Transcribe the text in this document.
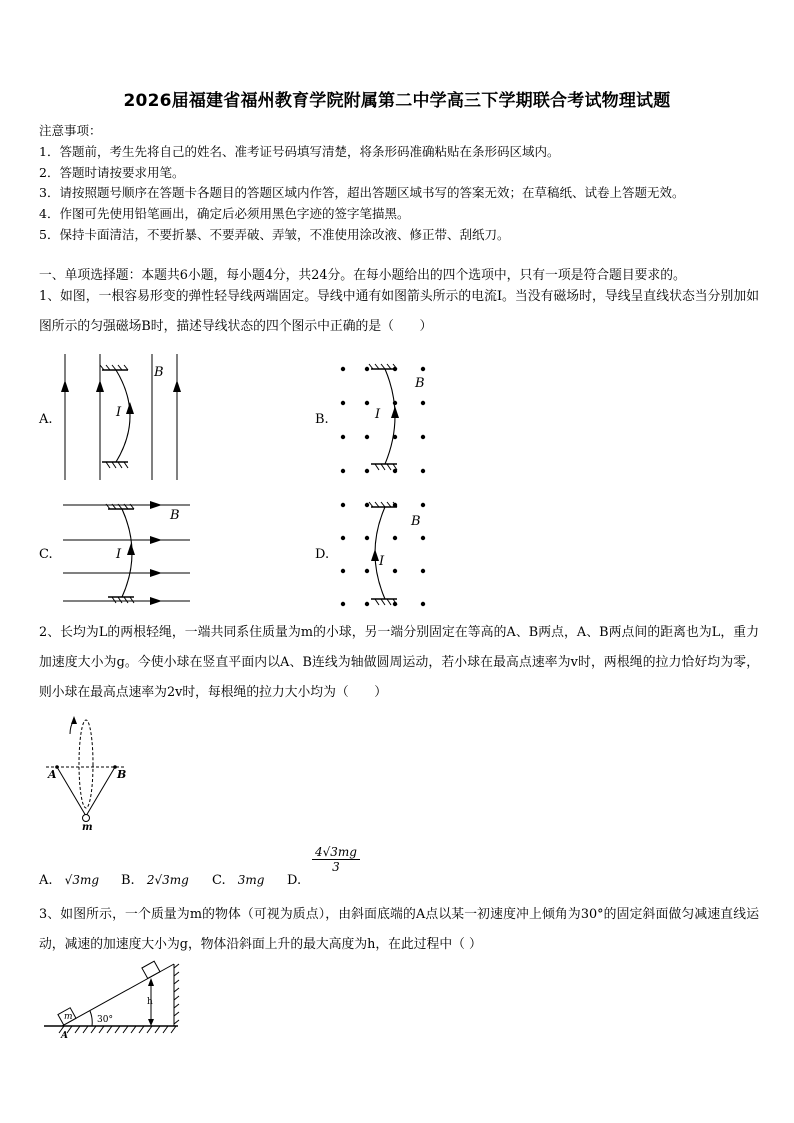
2026届福建省福州教育学院附属第二中学高三下学期联合考试物理试题
注意事项：
1．答题前，考生先将自己的姓名、准考证号码填写清楚，将条形码准确粘贴在条形码区域内。
2．答题时请按要求用笔。
3．请按照题号顺序在答题卡各题目的答题区域内作答，超出答题区域书写的答案无效；在草稿纸、试卷上答题无效。
4．作图可先使用铅笔画出，确定后必须用黑色字迹的签字笔描黑。
5．保持卡面清洁，不要折暴、不要弄破、弄皱，不准使用涂改液、修正带、刮纸刀。
一、单项选择题：本题共6小题，每小题4分，共24分。在每小题给出的四个选项中，只有一项是符合题目要求的。
1、如图，一根容易形变的弹性轻导线两端固定。导线中通有如图箭头所示的电流I。当没有磁场时，导线呈直线状态当分别加如图所示的匀强磁场B时，描述导线状态的四个图示中正确的是（　　）
A.	B.
C.	D.
I
B
I
B
I
B
I
B
2、长均为L的两根轻绳，一端共同系住质量为m的小球，另一端分别固定在等高的A、B两点，A、B两点间的距离也为L，重力加速度大小为g。今使小球在竖直平面内以A、B连线为轴做圆周运动，若小球在最高点速率为v时，两根绳的拉力恰好均为零，则小球在最高点速率为2v时，每根绳的拉力大小均为（　　）
A	B
m
A. √3mg B. 2√3mg C. 3mg D.
$\frac{4√3mg}{3}$
3、如图所示，一个质量为m的物体（可视为质点），由斜面底端的A点以某一初速度冲上倾角为30°的固定斜面做匀减速直线运动，减速的加速度大小为g，物体沿斜面上升的最大高度为h，在此过程中（ ）
m	30°
h
A
